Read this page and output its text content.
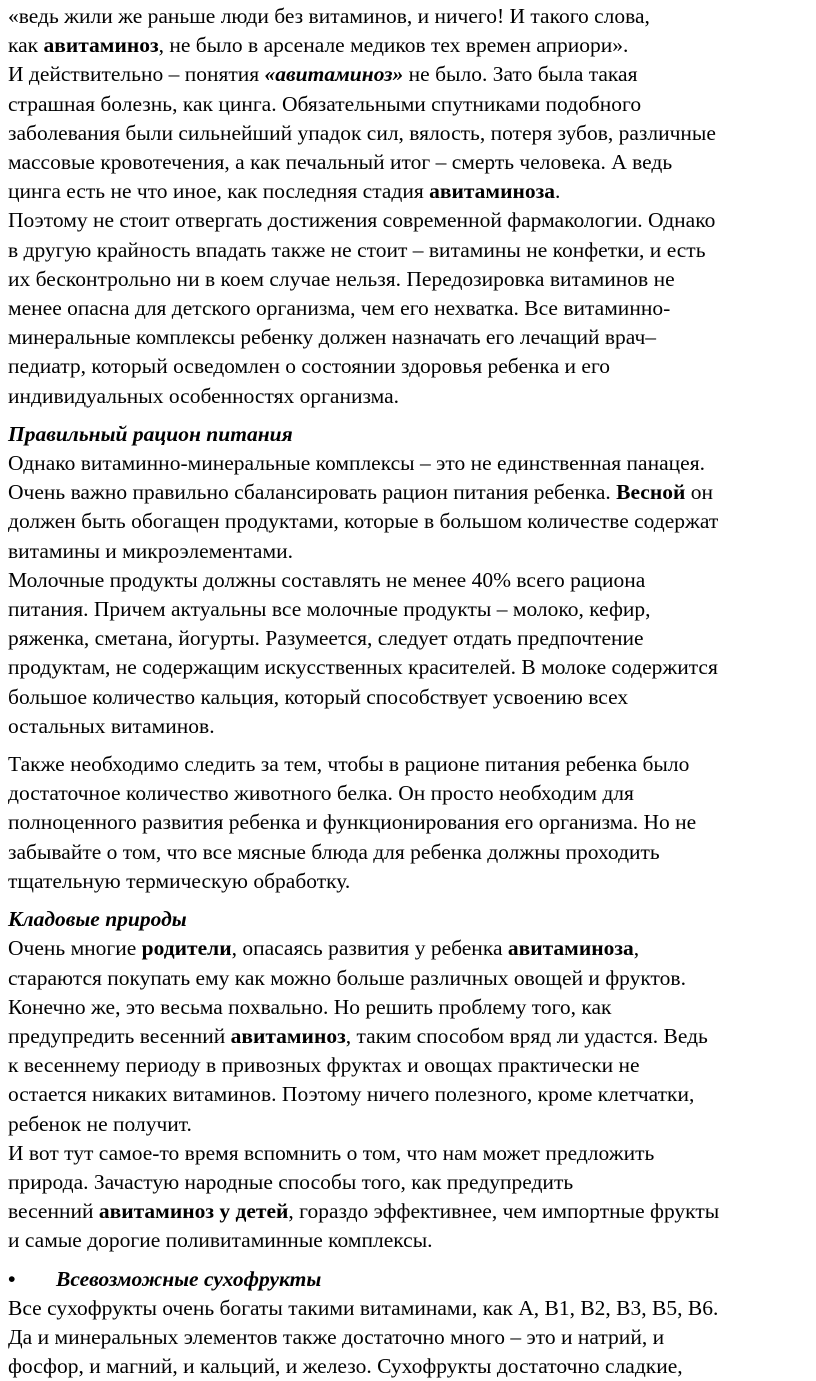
«ведь жили же раньше люди без витаминов, и ничего! И такого слова,

как авитаминоз, не было в арсенале медиков тех времен априори».

И действительно – понятия «авитаминоз» не было. Зато была такая

страшная болезнь, как цинга. Обязательными спутниками подобного

заболевания были сильнейший упадок сил, вялость, потеря зубов, различные

массовые кровотечения, а как печальный итог – смерть человека. А ведь

цинга есть не что иное, как последняя стадия авитаминоза.

Поэтому не стоит отвергать достижения современной фармакологии. Однако

в другую крайность впадать также не стоит – витамины не конфетки, и есть

их бесконтрольно ни в коем случае нельзя. Передозировка витаминов не

менее опасна для детского организма, чем его нехватка. Все витаминно-

минеральные комплексы ребенку должен назначать его лечащий врач–

педиатр, который осведомлен о состоянии здоровья ребенка и его

индивидуальных особенностях организма.

Правильный рацион питания

Однако витаминно-минеральные комплексы – это не единственная панацея.

Очень важно правильно сбалансировать рацион питания ребенка. Весной он

должен быть обогащен продуктами, которые в большом количестве содержат

витамины и микроэлементами.

Молочные продукты должны составлять не менее 40% всего рациона

питания. Причем актуальны все молочные продукты – молоко, кефир,

ряженка, сметана, йогурты. Разумеется, следует отдать предпочтение

продуктам, не содержащим искусственных красителей. В молоке содержится

большое количество кальция, который способствует усвоению всех

остальных витаминов.

Также необходимо следить за тем, чтобы в рационе питания ребенка было

достаточное количество животного белка. Он просто необходим для

полноценного развития ребенка и функционирования его организма. Но не

забывайте о том, что все мясные блюда для ребенка должны проходить

тщательную термическую обработку.

Кладовые природы

Очень многие родители, опасаясь развития у ребенка авитаминоза,

стараются покупать ему как можно больше различных овощей и фруктов.

Конечно же, это весьма похвально. Но решить проблему того, как

предупредить весенний авитаминоз, таким способом вряд ли удастся. Ведь

к весеннему периоду в привозных фруктах и овощах практически не

остается никаких витаминов. Поэтому ничего полезного, кроме клетчатки,

ребенок не получит.

И вот тут самое-то время вспомнить о том, что нам может предложить

природа. Зачастую народные способы того, как предупредить

весенний авитаминоз у детей, гораздо эффективнее, чем импортные фрукты

и самые дорогие поливитаминные комплексы.

• Всевозможные сухофрукты

Все сухофрукты очень богаты такими витаминами, как А, В1, В2, В3, В5, В6.

Да и минеральных элементов также достаточно много – это и натрий, и

фосфор, и магний, и кальций, и железо. Сухофрукты достаточно сладкие,
